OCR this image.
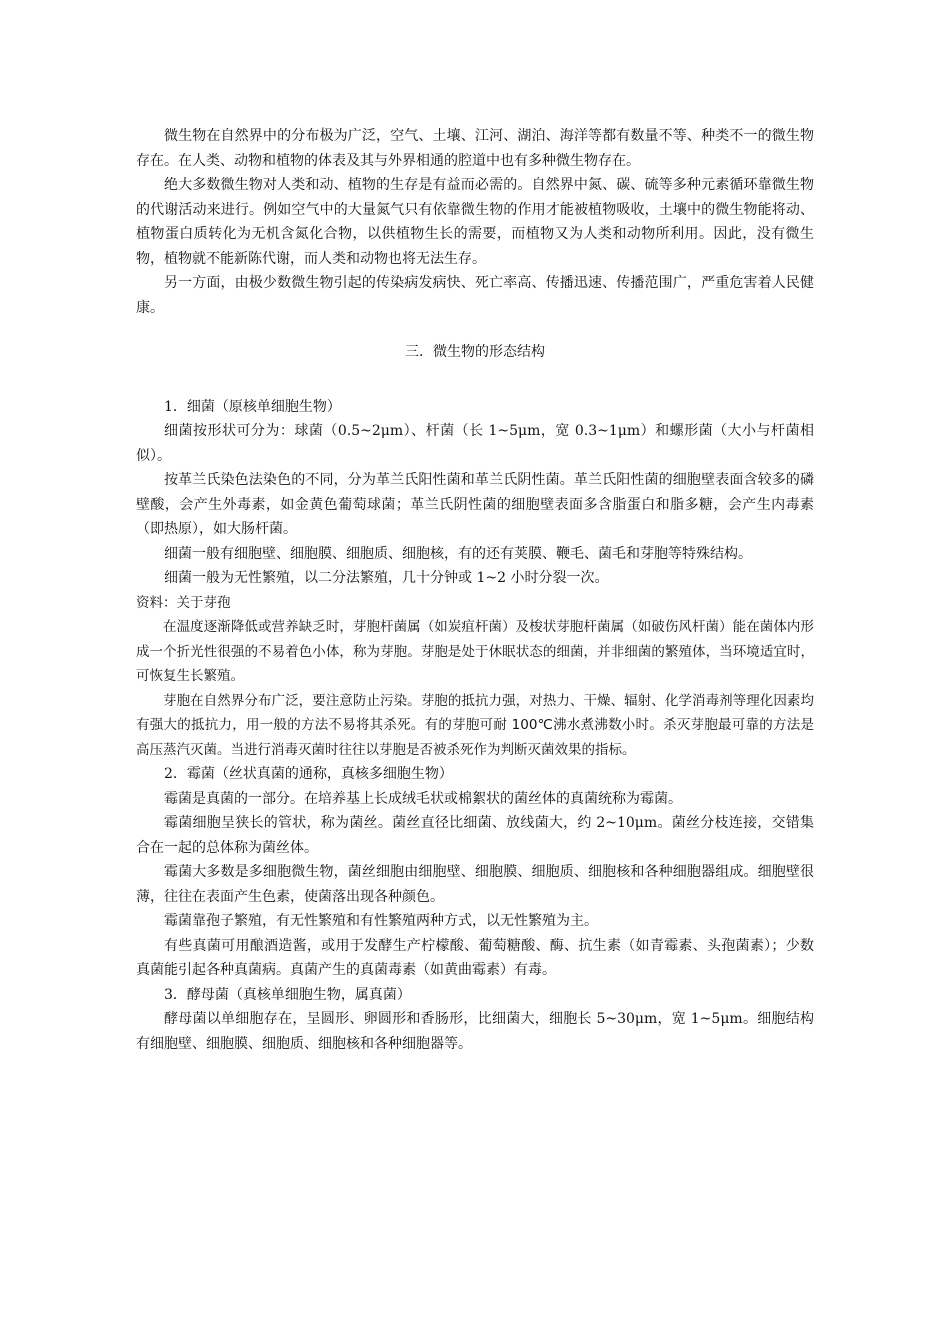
微生物在自然界中的分布极为广泛，空气、土壤、江河、湖泊、海洋等都有数量不等、种类不一的微生物存在。在人类、动物和植物的体表及其与外界相通的腔道中也有多种微生物存在。

绝大多数微生物对人类和动、植物的生存是有益而必需的。自然界中氮、碳、硫等多种元素循环靠微生物的代谢活动来进行。例如空气中的大量氮气只有依靠微生物的作用才能被植物吸收，土壤中的微生物能将动、植物蛋白质转化为无机含氮化合物，以供植物生长的需要，而植物又为人类和动物所利用。因此，没有微生物，植物就不能新陈代谢，而人类和动物也将无法生存。

另一方面，由极少数微生物引起的传染病发病快、死亡率高、传播迅速、传播范围广，严重危害着人民健康。

三．微生物的形态结构

1．细菌（原核单细胞生物）

细菌按形状可分为：球菌（0.5~2μm）、杆菌（长 1~5μm，宽 0.3~1μm）和螺形菌（大小与杆菌相似）。

按革兰氏染色法染色的不同，分为革兰氏阳性菌和革兰氏阴性菌。革兰氏阳性菌的细胞壁表面含较多的磷壁酸，会产生外毒素，如金黄色葡萄球菌；革兰氏阴性菌的细胞壁表面多含脂蛋白和脂多糖，会产生内毒素（即热原），如大肠杆菌。

细菌一般有细胞壁、细胞膜、细胞质、细胞核，有的还有荚膜、鞭毛、菌毛和芽胞等特殊结构。

细菌一般为无性繁殖，以二分法繁殖，几十分钟或 1~2 小时分裂一次。

资料：关于芽孢

在温度逐渐降低或营养缺乏时，芽胞杆菌属（如炭疽杆菌）及梭状芽胞杆菌属（如破伤风杆菌）能在菌体内形成一个折光性很强的不易着色小体，称为芽胞。芽胞是处于休眠状态的细菌，并非细菌的繁殖体，当环境适宜时，可恢复生长繁殖。

芽胞在自然界分布广泛，要注意防止污染。芽胞的抵抗力强，对热力、干燥、辐射、化学消毒剂等理化因素均有强大的抵抗力，用一般的方法不易将其杀死。有的芽胞可耐 100℃沸水煮沸数小时。杀灭芽胞最可靠的方法是高压蒸汽灭菌。当进行消毒灭菌时往往以芽胞是否被杀死作为判断灭菌效果的指标。

2．霉菌（丝状真菌的通称，真核多细胞生物）

霉菌是真菌的一部分。在培养基上长成绒毛状或棉絮状的菌丝体的真菌统称为霉菌。

霉菌细胞呈狭长的管状，称为菌丝。菌丝直径比细菌、放线菌大，约 2~10μm。菌丝分枝连接，交错集合在一起的总体称为菌丝体。

霉菌大多数是多细胞微生物，菌丝细胞由细胞壁、细胞膜、细胞质、细胞核和各种细胞器组成。细胞壁很薄，往往在表面产生色素，使菌落出现各种颜色。

霉菌靠孢子繁殖，有无性繁殖和有性繁殖两种方式，以无性繁殖为主。

有些真菌可用酿酒造酱，或用于发酵生产柠檬酸、葡萄糖酸、酶、抗生素（如青霉素、头孢菌素）；少数真菌能引起各种真菌病。真菌产生的真菌毒素（如黄曲霉素）有毒。

3．酵母菌（真核单细胞生物，属真菌）

酵母菌以单细胞存在，呈圆形、卵圆形和香肠形，比细菌大，细胞长 5~30μm，宽 1~5μm。细胞结构有细胞壁、细胞膜、细胞质、细胞核和各种细胞器等。
